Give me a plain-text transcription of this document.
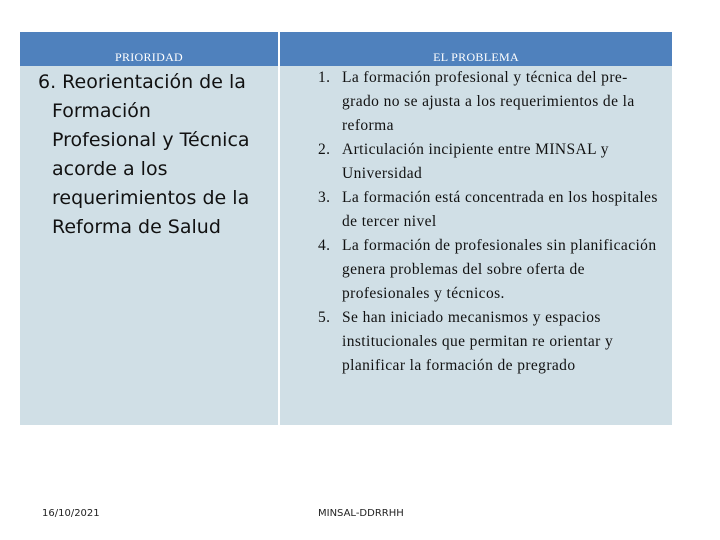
PRIORIDAD	EL PROBLEMA
6. Reorientación de la
Formación
Profesional y Técnica
acorde a los
requerimientos de la
Reforma de Salud
1. La formación profesional y técnica del pre- grado no se ajusta a los requerimientos de la reforma
2. Articulación incipiente entre MINSAL y Universidad
3. La formación está concentrada en los hospitales de tercer nivel
4. La formación de profesionales sin planificación genera problemas del sobre oferta de profesionales y técnicos.
5. Se han iniciado mecanismos y espacios institucionales que permitan re orientar y planificar la formación de pregrado
16/10/2021	MINSAL-DDRRHH
